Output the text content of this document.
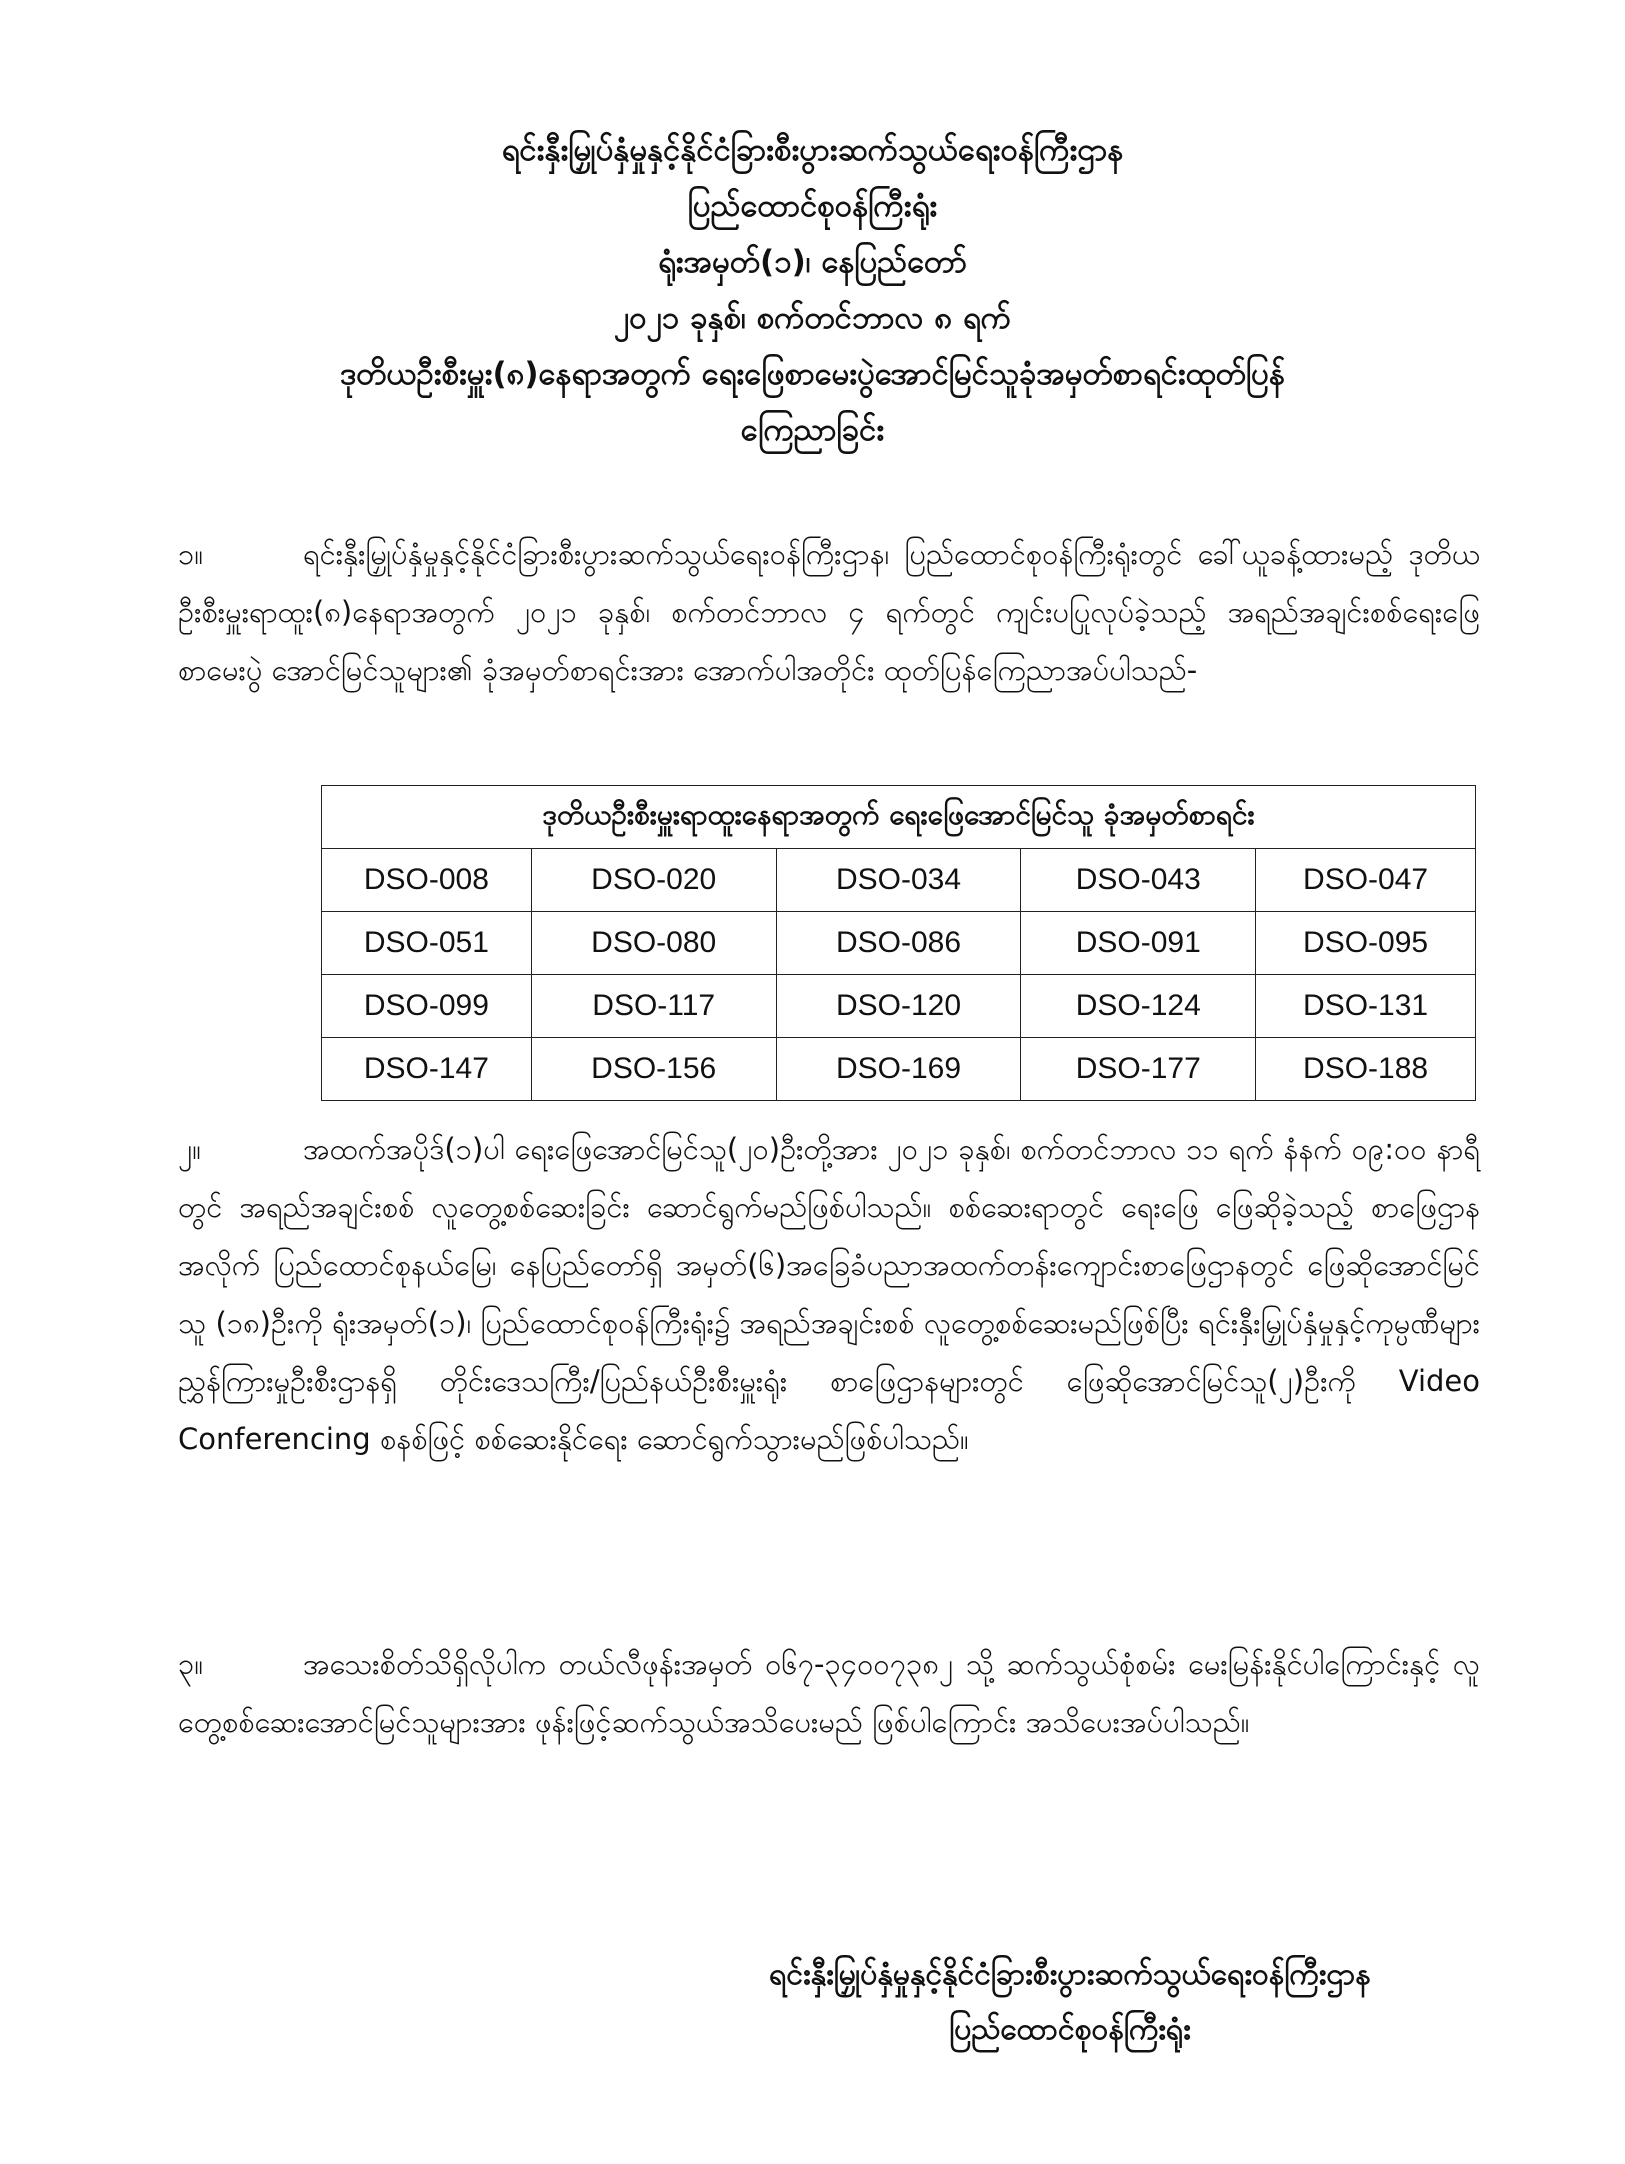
ရင်းနှီးမြှုပ်နှံမှုနှင့်နိုင်ငံခြားစီးပွားဆက်သွယ်ရေးဝန်ကြီးဌာန
ပြည်ထောင်စုဝန်ကြီးရုံး
ရုံးအမှတ်(၁)၊ နေပြည်တော်
၂၀၂၁ ခုနှစ်၊ စက်တင်ဘာလ ၈ ရက်
ဒုတိယဦးစီးမှူး(၈)နေရာအတွက် ရေးဖြေစာမေးပွဲအောင်မြင်သူခုံအမှတ်စာရင်းထုတ်ပြန်
ကြေညာခြင်း
၁။	ရင်းနှီးမြှုပ်နှံမှုနှင့်နိုင်ငံခြားစီးပွားဆက်သွယ်ရေးဝန်ကြီးဌာန၊ ပြည်ထောင်စုဝန်ကြီးရုံးတွင် ခေါ်ယူခန့်ထားမည့် ဒုတိယဦးစီးမှူးရာထူး(၈)နေရာအတွက် ၂၀၂၁ ခုနှစ်၊ စက်တင်ဘာလ ၄ ရက်တွင် ကျင်းပပြုလုပ်ခဲ့သည့် အရည်အချင်းစစ်ရေးဖြေစာမေးပွဲ အောင်မြင်သူများ၏ ခုံအမှတ်စာရင်းအား အောက်ပါအတိုင်း ထုတ်ပြန်ကြေညာအပ်ပါသည်-
ဒုတိယဦးစီးမှူးရာထူးနေရာအတွက် ရေးဖြေအောင်မြင်သူ ခုံအမှတ်စာရင်း				
DSO-008	DSO-020	DSO-034	DSO-043	DSO-047
DSO-051	DSO-080	DSO-086	DSO-091	DSO-095
DSO-099	DSO-117	DSO-120	DSO-124	DSO-131
DSO-147	DSO-156	DSO-169	DSO-177	DSO-188
၂။	အထက်အပိုဒ်(၁)ပါ ရေးဖြေအောင်မြင်သူ(၂၀)ဦးတို့အား ၂၀၂၁ ခုနှစ်၊ စက်တင်ဘာလ ၁၁ ရက် နံနက် ၀၉:၀၀ နာရီတွင် အရည်အချင်းစစ် လူတွေ့စစ်ဆေးခြင်း ဆောင်ရွက်မည်ဖြစ်ပါသည်။ စစ်ဆေးရာတွင် ရေးဖြေ ဖြေဆိုခဲ့သည့် စာဖြေဌာနအလိုက် ပြည်ထောင်စုနယ်မြေ၊ နေပြည်တော်ရှိ အမှတ်(၆)အခြေခံပညာအထက်တန်းကျောင်းစာဖြေဌာနတွင် ဖြေဆိုအောင်မြင်သူ (၁၈)ဦးကို ရုံးအမှတ်(၁)၊ ပြည်ထောင်စုဝန်ကြီးရုံး၌ အရည်အချင်းစစ် လူတွေ့စစ်ဆေးမည်ဖြစ်ပြီး ရင်းနှီးမြှုပ်နှံမှုနှင့်ကုမ္ပဏီများညွှန်ကြားမှုဦးစီးဌာနရှိ တိုင်းဒေသကြီး/ပြည်နယ်ဦးစီးမှူးရုံး စာဖြေဌာနများတွင် ဖြေဆိုအောင်မြင်သူ(၂)ဦးကို Video Conferencing စနစ်ဖြင့် စစ်ဆေးနိုင်ရေး ဆောင်ရွက်သွားမည်ဖြစ်ပါသည်။
၃။	အသေးစိတ်သိရှိလိုပါက တယ်လီဖုန်းအမှတ် ၀၆၇-၃၄၀၀၇၃၈၂ သို့ ဆက်သွယ်စုံစမ်း မေးမြန်းနိုင်ပါကြောင်းနှင့် လူတွေ့စစ်ဆေးအောင်မြင်သူများအား ဖုန်းဖြင့်ဆက်သွယ်အသိပေးမည် ဖြစ်ပါကြောင်း အသိပေးအပ်ပါသည်။
ရင်းနှီးမြှုပ်နှံမှုနှင့်နိုင်ငံခြားစီးပွားဆက်သွယ်ရေးဝန်ကြီးဌာန
ပြည်ထောင်စုဝန်ကြီးရုံး
